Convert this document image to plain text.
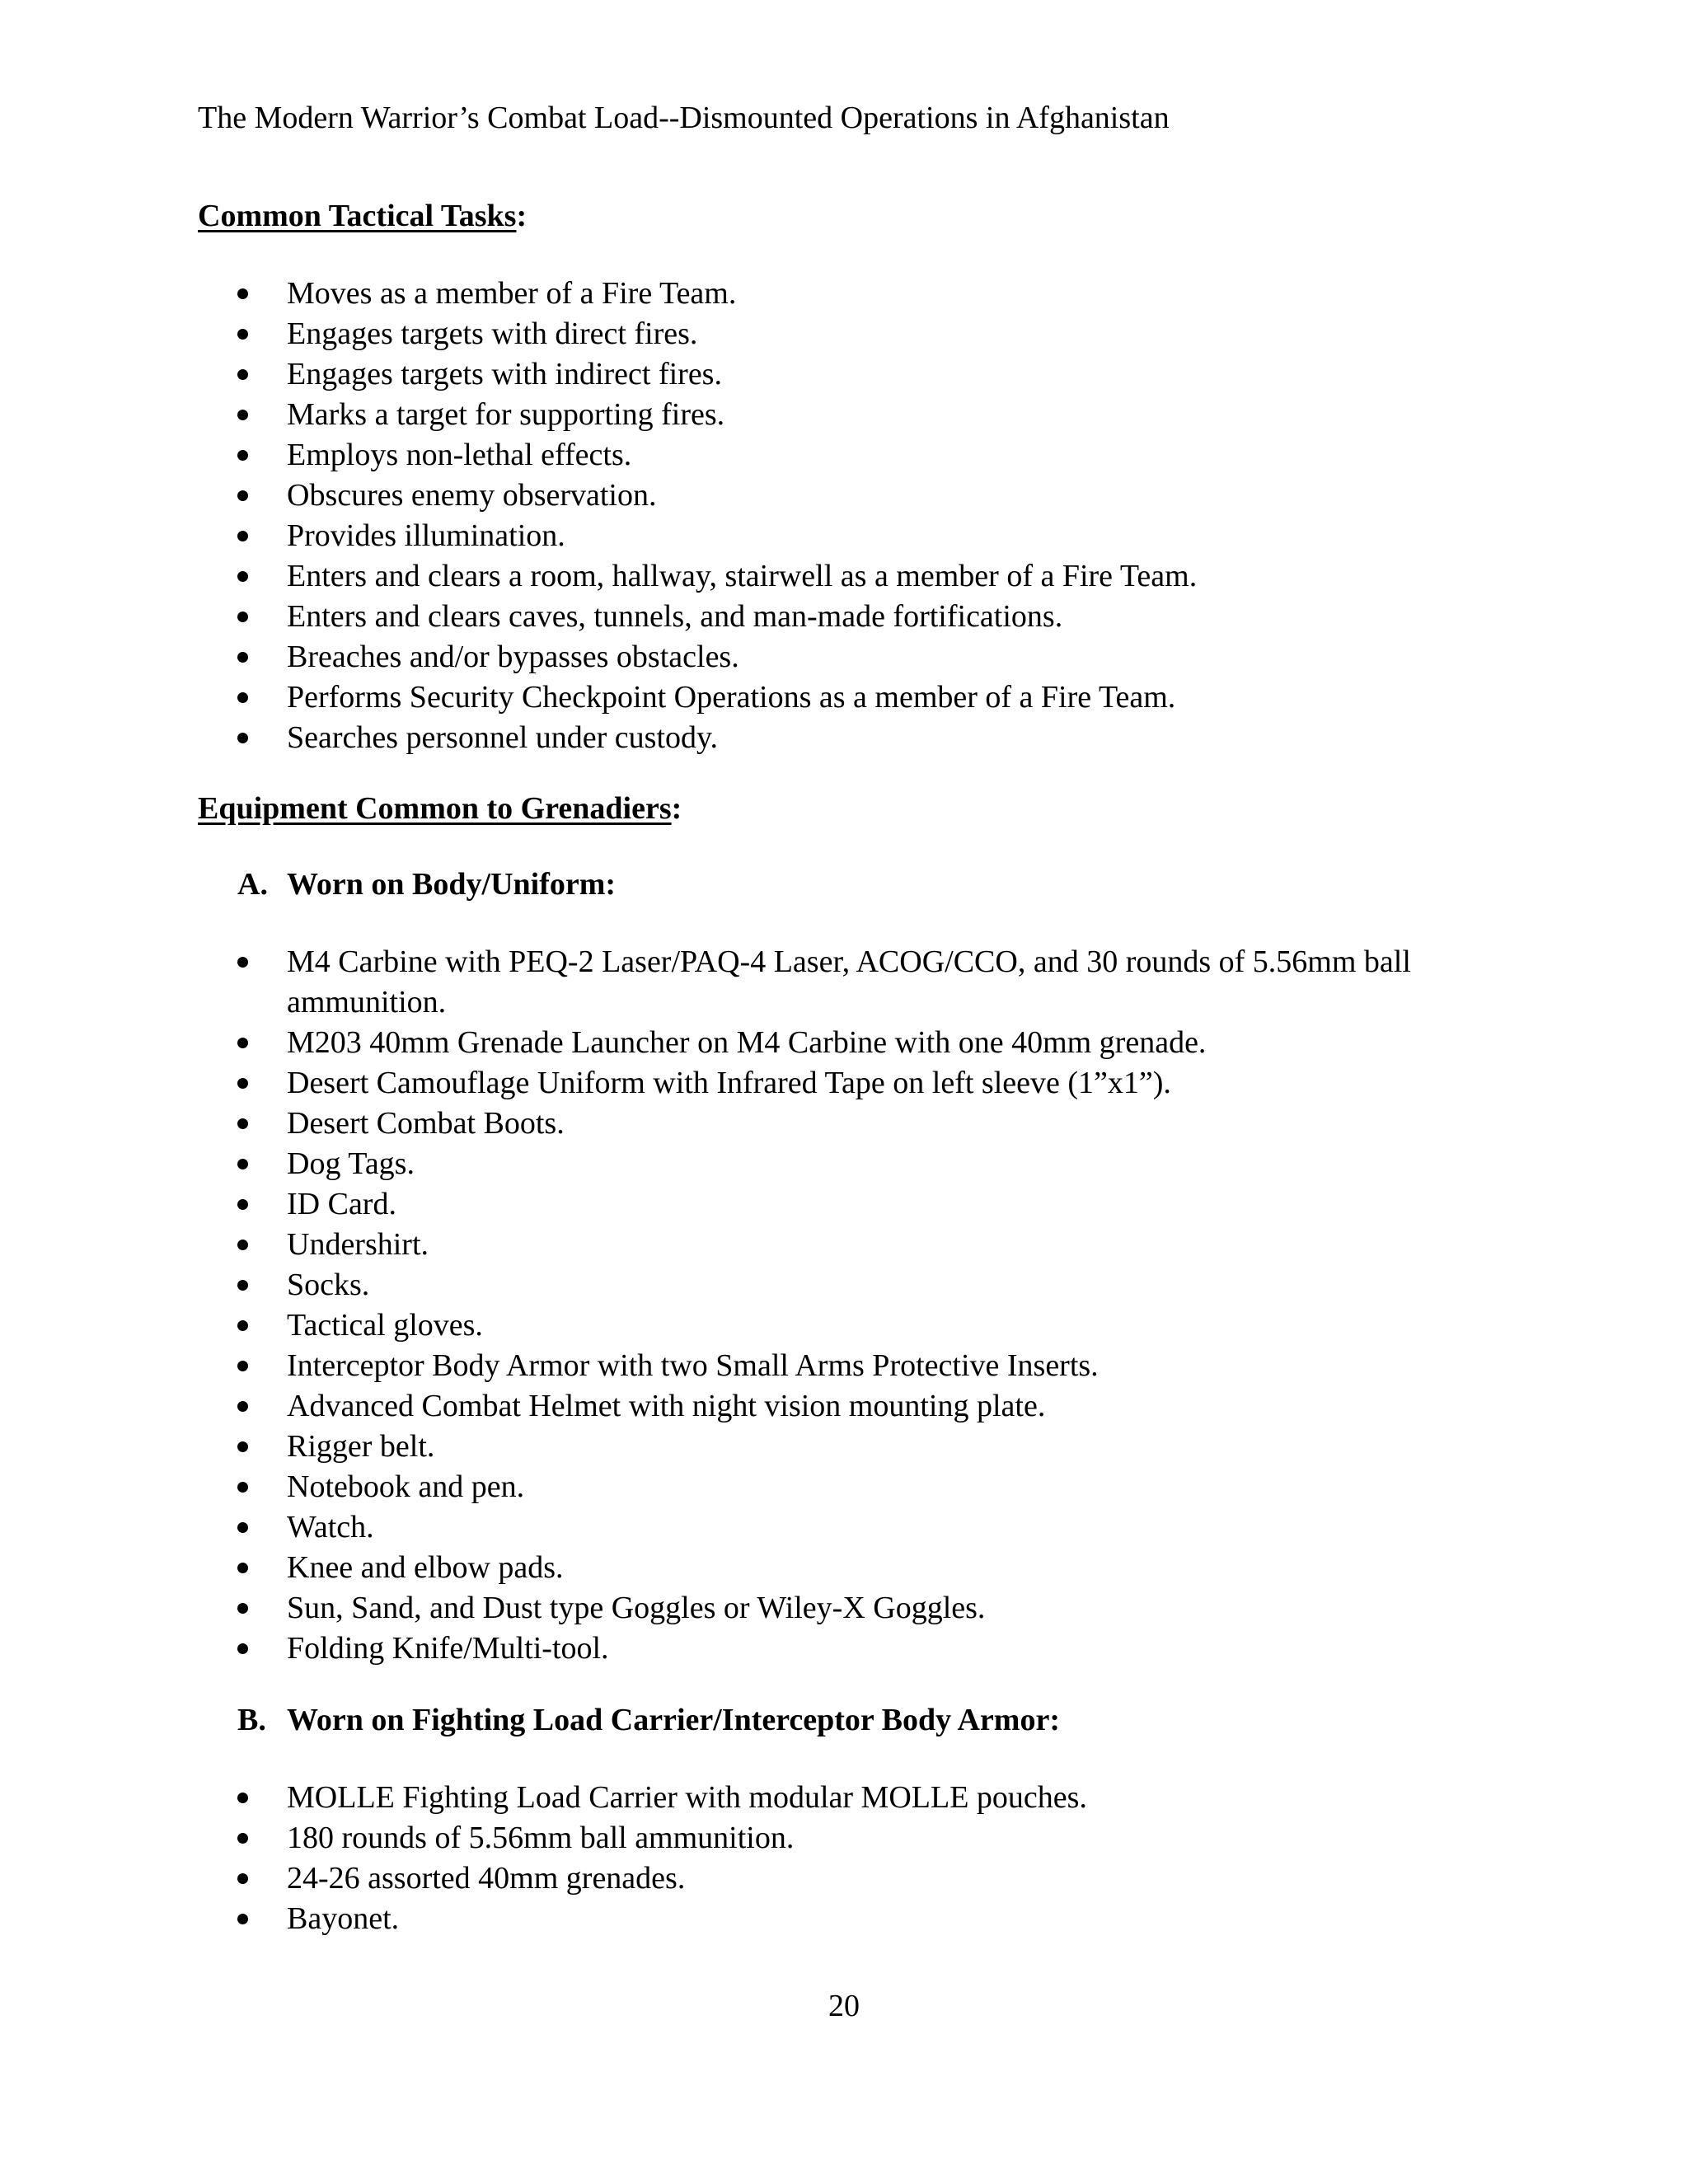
The Modern Warrior’s Combat Load--Dismounted Operations in Afghanistan
Common Tactical Tasks:
Moves as a member of a Fire Team.
Engages targets with direct fires.
Engages targets with indirect fires.
Marks a target for supporting fires.
Employs non-lethal effects.
Obscures enemy observation.
Provides illumination.
Enters and clears a room, hallway, stairwell as a member of a Fire Team.
Enters and clears caves, tunnels, and man-made fortifications.
Breaches and/or bypasses obstacles.
Performs Security Checkpoint Operations as a member of a Fire Team.
Searches personnel under custody.
Equipment Common to Grenadiers:
A. Worn on Body/Uniform:
M4 Carbine with PEQ-2 Laser/PAQ-4 Laser, ACOG/CCO, and 30 rounds of 5.56mm ball ammunition.
M203 40mm Grenade Launcher on M4 Carbine with one 40mm grenade.
Desert Camouflage Uniform with Infrared Tape on left sleeve (1”x1”).
Desert Combat Boots.
Dog Tags.
ID Card.
Undershirt.
Socks.
Tactical gloves.
Interceptor Body Armor with two Small Arms Protective Inserts.
Advanced Combat Helmet with night vision mounting plate.
Rigger belt.
Notebook and pen.
Watch.
Knee and elbow pads.
Sun, Sand, and Dust type Goggles or Wiley-X Goggles.
Folding Knife/Multi-tool.
B. Worn on Fighting Load Carrier/Interceptor Body Armor:
MOLLE Fighting Load Carrier with modular MOLLE pouches.
180 rounds of 5.56mm ball ammunition.
24-26 assorted 40mm grenades.
Bayonet.
20
